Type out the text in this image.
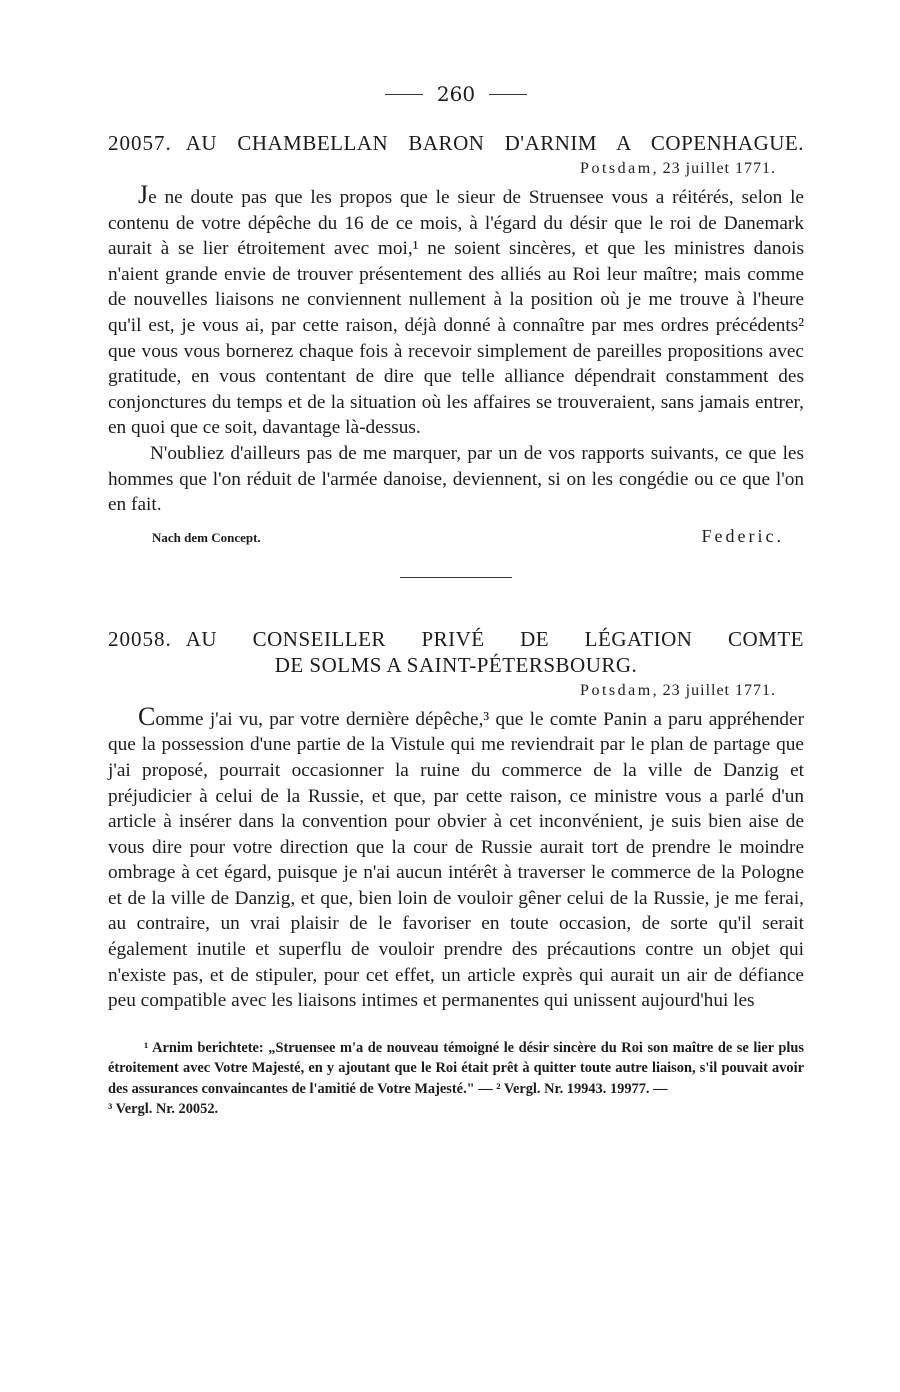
260
20057. AU CHAMBELLAN BARON D'ARNIM A COPENHAGUE.
Potsdam, 23 juillet 1771.

Je ne doute pas que les propos que le sieur de Struensee vous a réitérés, selon le contenu de votre dépêche du 16 de ce mois, à l'égard du désir que le roi de Danemark aurait à se lier étroitement avec moi,¹ ne soient sincères, et que les ministres danois n'aient grande envie de trouver présentement des alliés au Roi leur maître; mais comme de nouvelles liaisons ne conviennent nullement à la position où je me trouve à l'heure qu'il est, je vous ai, par cette raison, déjà donné à connaître par mes ordres précédents² que vous vous bornerez chaque fois à recevoir simplement de pareilles propositions avec gratitude, en vous contentant de dire que telle alliance dépendrait constamment des conjonctures du temps et de la situation où les affaires se trouveraient, sans jamais entrer, en quoi que ce soit, davantage là-dessus.

N'oubliez d'ailleurs pas de me marquer, par un de vos rapports suivants, ce que les hommes que l'on réduit de l'armée danoise, deviennent, si on les congédie ou ce que l'on en fait.

Nach dem Concept.	Federic.
20058. AU CONSEILLER PRIVÉ DE LÉGATION COMTE
DE SOLMS A SAINT-PÉTERSBOURG.
Potsdam, 23 juillet 1771.

Comme j'ai vu, par votre dernière dépêche,³ que le comte Panin a paru appréhender que la possession d'une partie de la Vistule qui me reviendrait par le plan de partage que j'ai proposé, pourrait occasionner la ruine du commerce de la ville de Danzig et préjudicier à celui de la Russie, et que, par cette raison, ce ministre vous a parlé d'un article à insérer dans la convention pour obvier à cet inconvénient, je suis bien aise de vous dire pour votre direction que la cour de Russie aurait tort de prendre le moindre ombrage à cet égard, puisque je n'ai aucun intérêt à traverser le commerce de la Pologne et de la ville de Danzig, et que, bien loin de vouloir gêner celui de la Russie, je me ferai, au contraire, un vrai plaisir de le favoriser en toute occasion, de sorte qu'il serait également inutile et superflu de vouloir prendre des précautions contre un objet qui n'existe pas, et de stipuler, pour cet effet, un article exprès qui aurait un air de défiance peu compatible avec les liaisons intimes et permanentes qui unissent aujourd'hui les

¹ Arnim berichtete: „Struensee m'a de nouveau témoigné le désir sincère du Roi son maître de se lier plus étroitement avec Votre Majesté, en y ajoutant que le Roi était prêt à quitter toute autre liaison, s'il pouvait avoir des assurances convaincantes de l'amitié de Votre Majesté." — ² Vergl. Nr. 19943. 19977. —

³ Vergl. Nr. 20052.
